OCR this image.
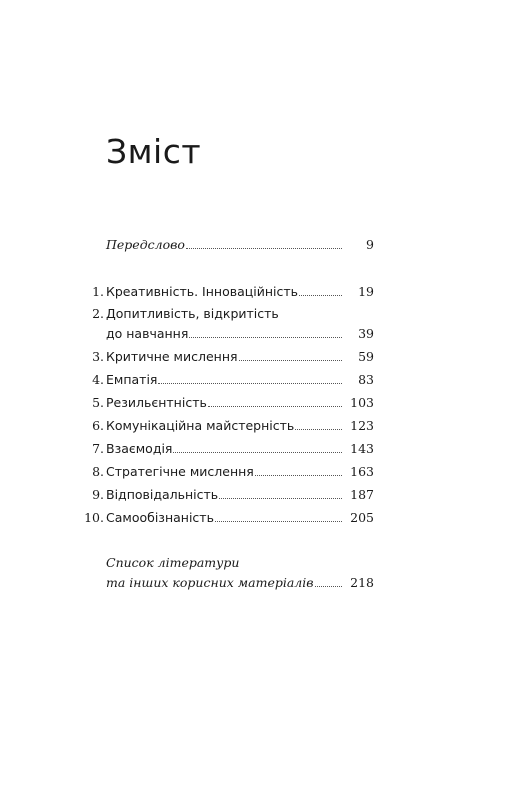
Зміст
Передслово	9
1. Креативність. Інноваційність	19
2. Допитливість, відкритість
до навчання	39
3. Критичне мислення	59
4. Емпатія	83
5. Резильєнтність	103
6. Комунікаційна майстерність	123
7. Взаємодія	143
8. Стратегічне мислення	163
9. Відповідальність	187
10. Самообізнаність	205
Список літератури
та інших корисних матеріалів	218
